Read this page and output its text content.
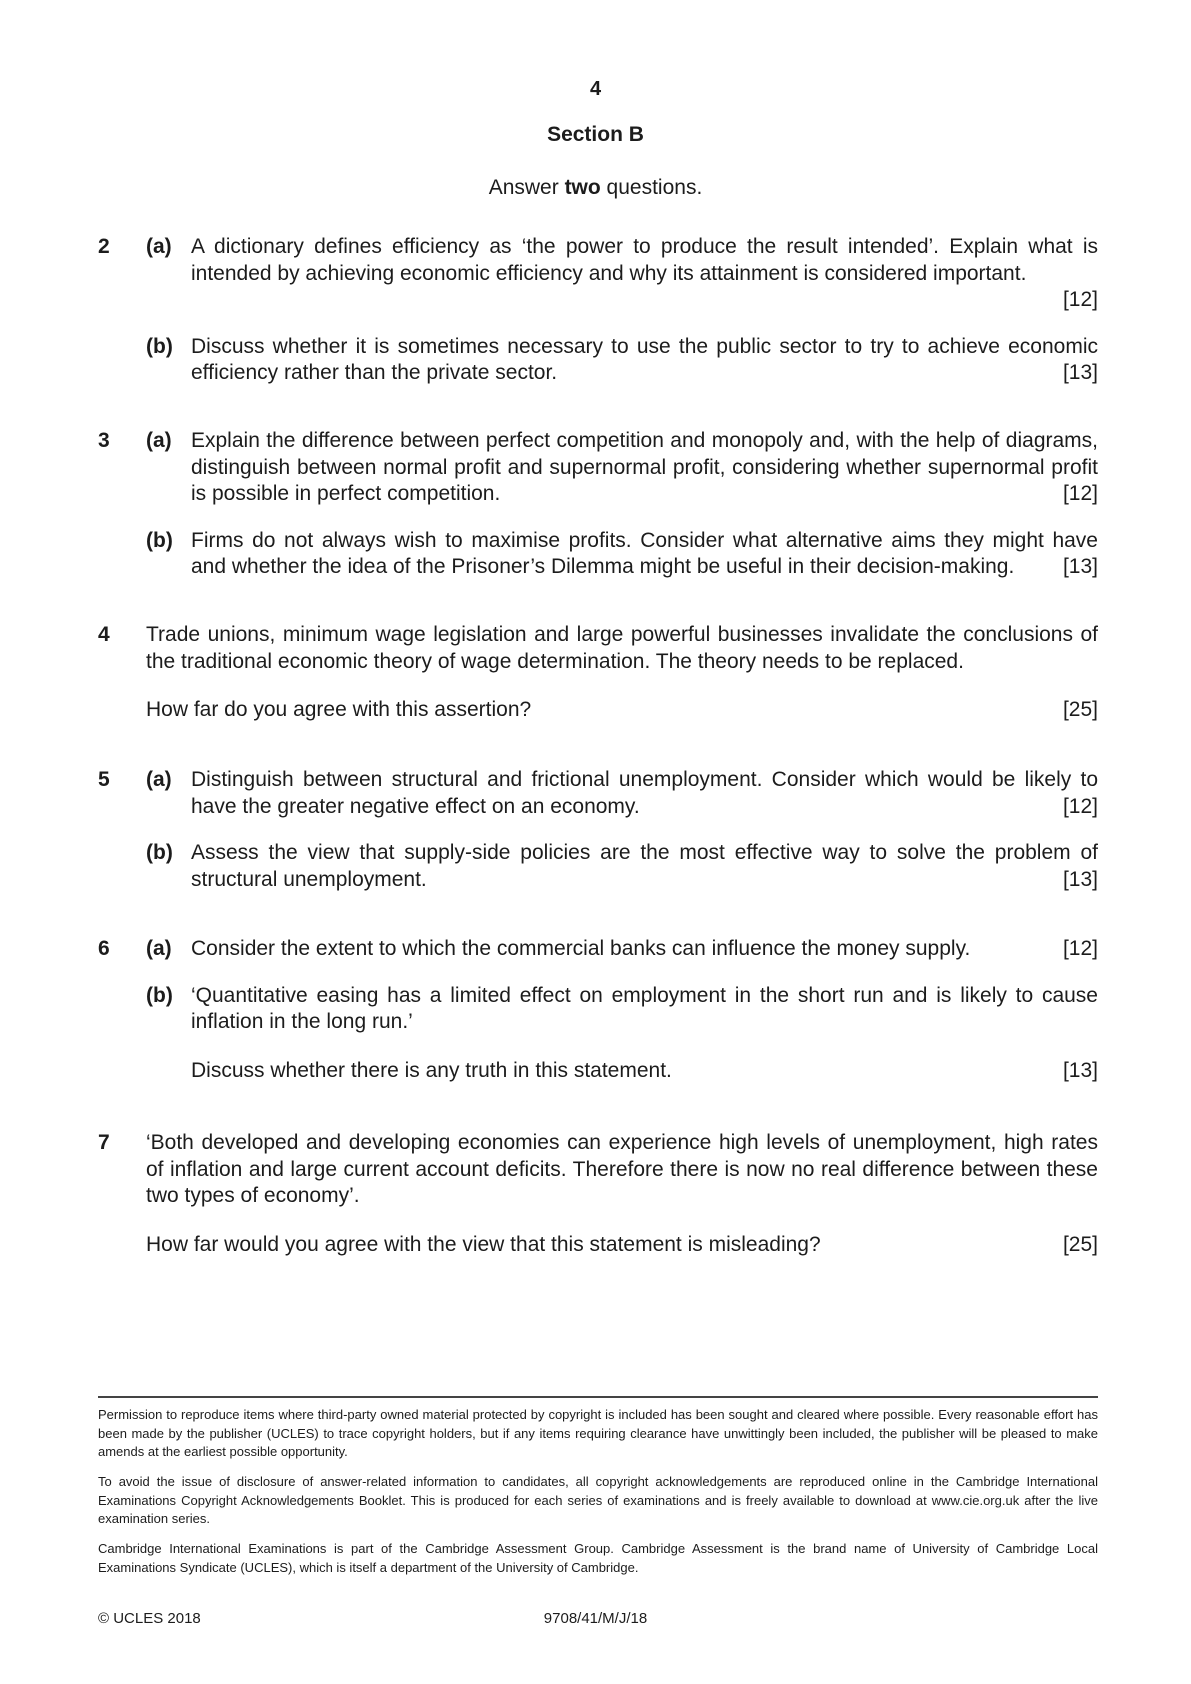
4
Section B
Answer two questions.
2 (a) A dictionary defines efficiency as ‘the power to produce the result intended’. Explain what is intended by achieving economic efficiency and why its attainment is considered important.
[12]
(b) Discuss whether it is sometimes necessary to use the public sector to try to achieve economic efficiency rather than the private sector.	[13]
3 (a) Explain the difference between perfect competition and monopoly and, with the help of diagrams, distinguish between normal profit and supernormal profit, considering whether supernormal profit is possible in perfect competition.	[12]
(b) Firms do not always wish to maximise profits. Consider what alternative aims they might have and whether the idea of the Prisoner’s Dilemma might be useful in their decision-making. [13]
4 Trade unions, minimum wage legislation and large powerful businesses invalidate the conclusions of the traditional economic theory of wage determination. The theory needs to be replaced.
How far do you agree with this assertion?	[25]
5 (a) Distinguish between structural and frictional unemployment. Consider which would be likely to have the greater negative effect on an economy.	[12]
(b) Assess the view that supply-side policies are the most effective way to solve the problem of structural unemployment.	[13]
6 (a) Consider the extent to which the commercial banks can influence the money supply.	[12]
(b) ‘Quantitative easing has a limited effect on employment in the short run and is likely to cause inflation in the long run.’
Discuss whether there is any truth in this statement.	[13]
7 ‘Both developed and developing economies can experience high levels of unemployment, high rates of inflation and large current account deficits. Therefore there is now no real difference between these two types of economy’.
How far would you agree with the view that this statement is misleading?	[25]
Permission to reproduce items where third-party owned material protected by copyright is included has been sought and cleared where possible. Every reasonable effort has been made by the publisher (UCLES) to trace copyright holders, but if any items requiring clearance have unwittingly been included, the publisher will be pleased to make amends at the earliest possible opportunity.
To avoid the issue of disclosure of answer-related information to candidates, all copyright acknowledgements are reproduced online in the Cambridge International Examinations Copyright Acknowledgements Booklet. This is produced for each series of examinations and is freely available to download at www.cie.org.uk after the live examination series.
Cambridge International Examinations is part of the Cambridge Assessment Group. Cambridge Assessment is the brand name of University of Cambridge Local Examinations Syndicate (UCLES), which is itself a department of the University of Cambridge.
9708/41/M/J/18
© UCLES 2018
